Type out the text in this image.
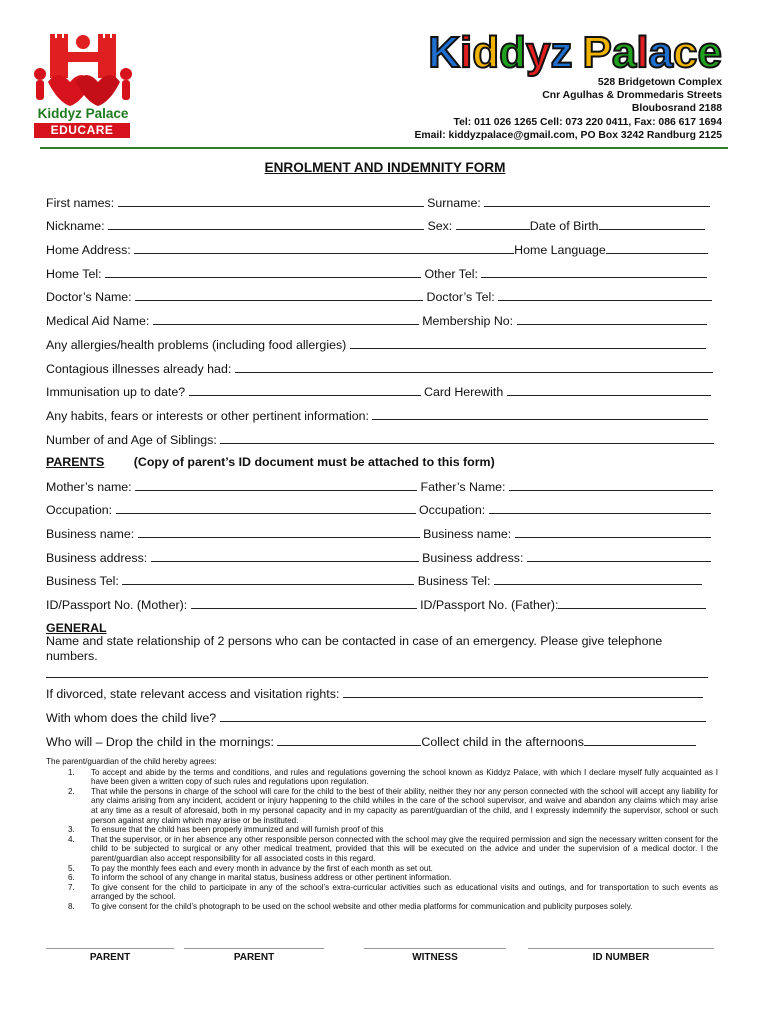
Kiddyz Palace
EDUCARE
Kiddyz Palace
528 Bridgetown Complex
Cnr Agulhas & Drommedaris Streets
Bloubosrand 2188
Tel: 011 026 1265 Cell: 073 220 0411, Fax: 086 617 1694
Email: kiddyzpalace@gmail.com, PO Box 3242 Randburg 2125
ENROLMENT AND INDEMNITY FORM
First names:	Surname:
Nickname:	Sex:	Date of Birth
Home Address:	Home Language
Home Tel:	Other Tel:
Doctor’s Name:	Doctor’s Tel:
Medical Aid Name:	Membership No:
Any allergies/health problems (including food allergies)
Contagious illnesses already had:
Immunisation up to date?	Card Herewith
Any habits, fears or interests or other pertinent information:
Number of and Age of Siblings:
PARENTS (Copy of parent’s ID document must be attached to this form)
Mother’s name:	Father’s Name:
Occupation:	Occupation:
Business name:	Business name:
Business address:	Business address:
Business Tel:	Business Tel:
ID/Passport No. (Mother):	ID/Passport No. (Father):
GENERAL
Name and state relationship of 2 persons who can be contacted in case of an emergency. Please give telephone numbers.
If divorced, state relevant access and visitation rights:
With whom does the child live?
Who will – Drop the child in the mornings:	Collect child in the afternoons
The parent/guardian of the child hereby agrees:
1. To accept and abide by the terms and conditions, and rules and regulations governing the school known as Kiddyz Palace, with which I declare myself fully acquainted as I have been given a written copy of such rules and regulations upon regulation.
2. That while the persons in charge of the school will care for the child to the best of their ability, neither they nor any person connected with the school will accept any liability for any claims arising from any incident, accident or injury happening to the child whiles in the care of the school supervisor, and waive and abandon any claims which may arise at any time as a result of aforesaid, both in my personal capacity and in my capacity as parent/guardian of the child, and I expressly indemnify the supervisor, school or such person against any claim which may arise or be instituted.
3. To ensure that the child has been properly immunized and will furnish proof of this
4. That the supervisor, or in her absence any other responsible person connected with the school may give the required permission and sign the necessary written consent for the child to be subjected to surgical or any other medical treatment, provided that this will be executed on the advice and under the supervision of a medical doctor. I the parent/guardian also accept responsibility for all associated costs in this regard.
5. To pay the monthly fees each and every month in advance by the first of each month as set out.
6. To inform the school of any change in marital status, business address or other pertinent information.
7. To give consent for the child to participate in any of the school’s extra-curricular activities such as educational visits and outings, and for transportation to such events as arranged by the school.
8. To give consent for the child’s photograph to be used on the school website and other media platforms for communication and publicity purposes solely.
PARENT	PARENT	WITNESS	ID NUMBER
